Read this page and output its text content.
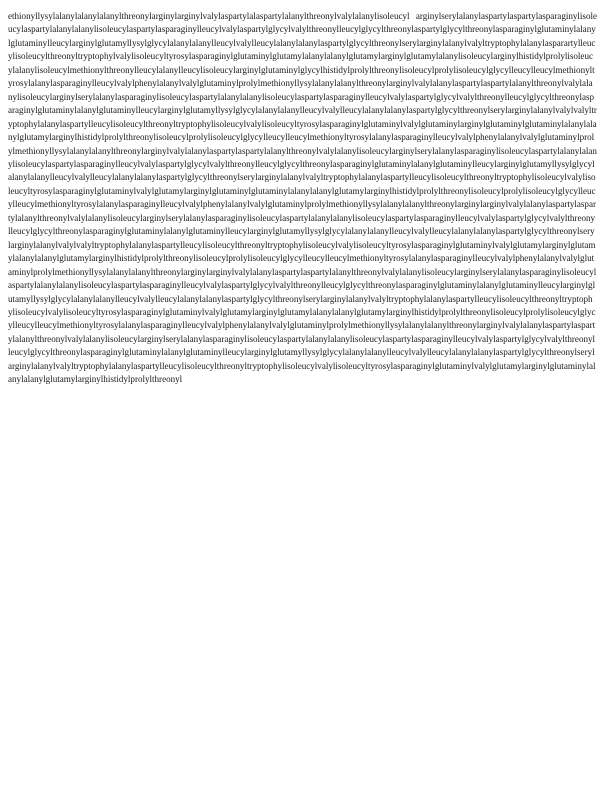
ethionyllysylalanylalanylalanylthreonylarginylarginylvalylaspartylalaspartylalanylthreonylvalylalanylisoleucyl arginylserylalanylaspartylaspartylasparaginylisoleucylaspartylalanylalanylisoleucylaspartylasparaginylleucylvalylaspartylglycylvalylthreonylleucylglycylthreonylaspartylglycylthreonylasparaginylglutaminylalanylglutaminylleucylarginylglutamyllysylglycylalanylalanylleucylvalylleucylalanylalanylaspartylglycylthreonylserylarginylalanylvalyltryptophylalanylasparartylleucylisoleucylthreonyltryptophylvalylisoleucyltyrosylasparaginylglutaminylglutamylalanylalanylglutamylarginylglutamylalanylisoleucylarginylhistidylprolylisoleucylalanylisoleucylmethionylthreonylleucylalanylleucylisoleucylarginylglutaminylglycylhistidylprolylthreonylisoleucylprolylisoleucylglycylleucylleucylmethionyltyrosylalanylasparaginylleucylvalylphenylalanylvalylglutaminylprolylmethionyllysylalanylalanylthreonylarginylvalylalanylaspartylaspartylalanylthreonylvalylalanylisoleucylarginylserylalanylasparaginylisoleucylaspartylalanylalanylisoleucylaspartylasparaginylleucylvalylaspartylglycylvalylthreonylleucylglycylthreonylasparaginylglutaminylalanylglutaminylleucylarginylglutamyllysylglycylalanylalanylleucylvalylleucylalanylalanylaspartylglycylthreonylserylarginylalanylvalylvalyltryptophylalanylaspartylleucylisoleucylthreonyltryptophylisoleucylvalylisoleucyltyrosylasparaginylglutaminylvalylglutaminylarginylglutaminylglutaminylalanylalanylglutamylarginylhistidylprolylthreonylisoleucylprolylisoleucylglycylleucylleucylmethionyltyrosylalanylasparaginylleucylvalylphenylalanylvalylglutaminylprolylmethionyllysylalanylalanylthreonylarginylvalylalanylaspartylaspartylalanylthreonylvalylalanylisoleucylarginylserylalanylasparaginylisoleucylaspartylalanylalanylisoleucylaspartylasparaginylleucylvalylaspartylglycylvalylthreonylleucylglycylthreonylasparaginylglutaminylalanylglutaminylleucylarginylglutamyllysylglycylalanylalanylleucylvalylleucylalanylalanylaspartylglycylthreonylserylarginylalanylvalyltryptophylalanylaspartylleucylisoleucylthreonyltryptophylisoleucylvalylisoleucyltyrosylasparaginylglutaminylvalylglutamylarginylglutaminylglutaminylalanylalanylglutamylarginylhistidylprolylthreonylisoleucylprolylisoleucylglycylleucylleucylmethionyltyrosylalanylasparaginylleucylvalylphenylalanylvalylglutaminylprolylmethionyllysylalanylalanylthreonylarginylarginylvalylalanylaspartylaspartylalanylthreonylvalylalanylisoleucylarginylserylalanylasparaginylisoleucylaspartylalanylalanylisoleucylaspartylasparaginylleucylvalylaspartylglycylvalylthreonylleucylglycylthreonylasparaginylglutaminylalanylglutaminylleucylarginylglutamyllysylglycylalanylalanylleucylvalylleucylalanylalanylaspartylglycylthreonylserylarginylalanylvalylvalyltryptophylalanylaspartylleucylisoleucylthreonyltryptophylisoleucylvalylisoleucyltyrosylasparaginylglutaminylvalylglutamylarginylglutamylalanylalanylglutamylarginylhistidylprolylthreonylisoleucylprolylisoleucylglycylleucylleucylmethionyltyrosylalanylasparaginylleucylvalylphenylalanylvalylglutaminylprolylmethionyllysylalanylalanylthreonylarginylarginylvalylalanylaspartylaspartylalanylthreonylvalylalanylisoleucylarginylserylalanylasparaginylisoleucylaspartylalanylalanylisoleucylaspartylasparaginylleucylvalylaspartylglycylvalylthreonylleucylglycylthreonylasparaginylglutaminylalanylglutaminylleucylarginylglutamyllysylglycylalanylalanylleucylvalylleucylalanylalanylaspartylglycylthreonylserylarginylalanylvalyltryptophylalanylaspartylleucylisoleucylthreonyltryptophylisoleucylvalylisoleucyltyrosylasparaginylglutaminylvalylglutamylarginylglutamylalanylalanylglutamylarginylhistidylprolylthreonylisoleucylprolylisoleucylglycylleucylleucylmethionyltyrosylalanylasparaginylleucylvalylphenylalanylvalylglutaminylprolylmethionyllysylalanylalanylthreonylarginylvalylalanylaspartylaspartylalanylthreonylvalylalanylisoleucylarginylserylalanylasparaginylisoleucylaspartylalanylalanylisoleucylaspartylasparaginylleucylvalylaspartylglycylvalylthreonylleucylglycylthreonylasparaginylglutaminylalanylglutaminylleucylarginylglutamyllysylglycylalanylalanylleucylvalylleucylalanylalanylaspartylglycylthreonylserylarginylalanylvalyltryptophylalanylaspartylleucylisoleucylthreonyltryptophylisoleucylvalylisoleucyltyrosylasparaginylglutaminylvalylglutamylarginylglutaminylalanylalanylglutamylarginylhistidylprolylthreonyl
